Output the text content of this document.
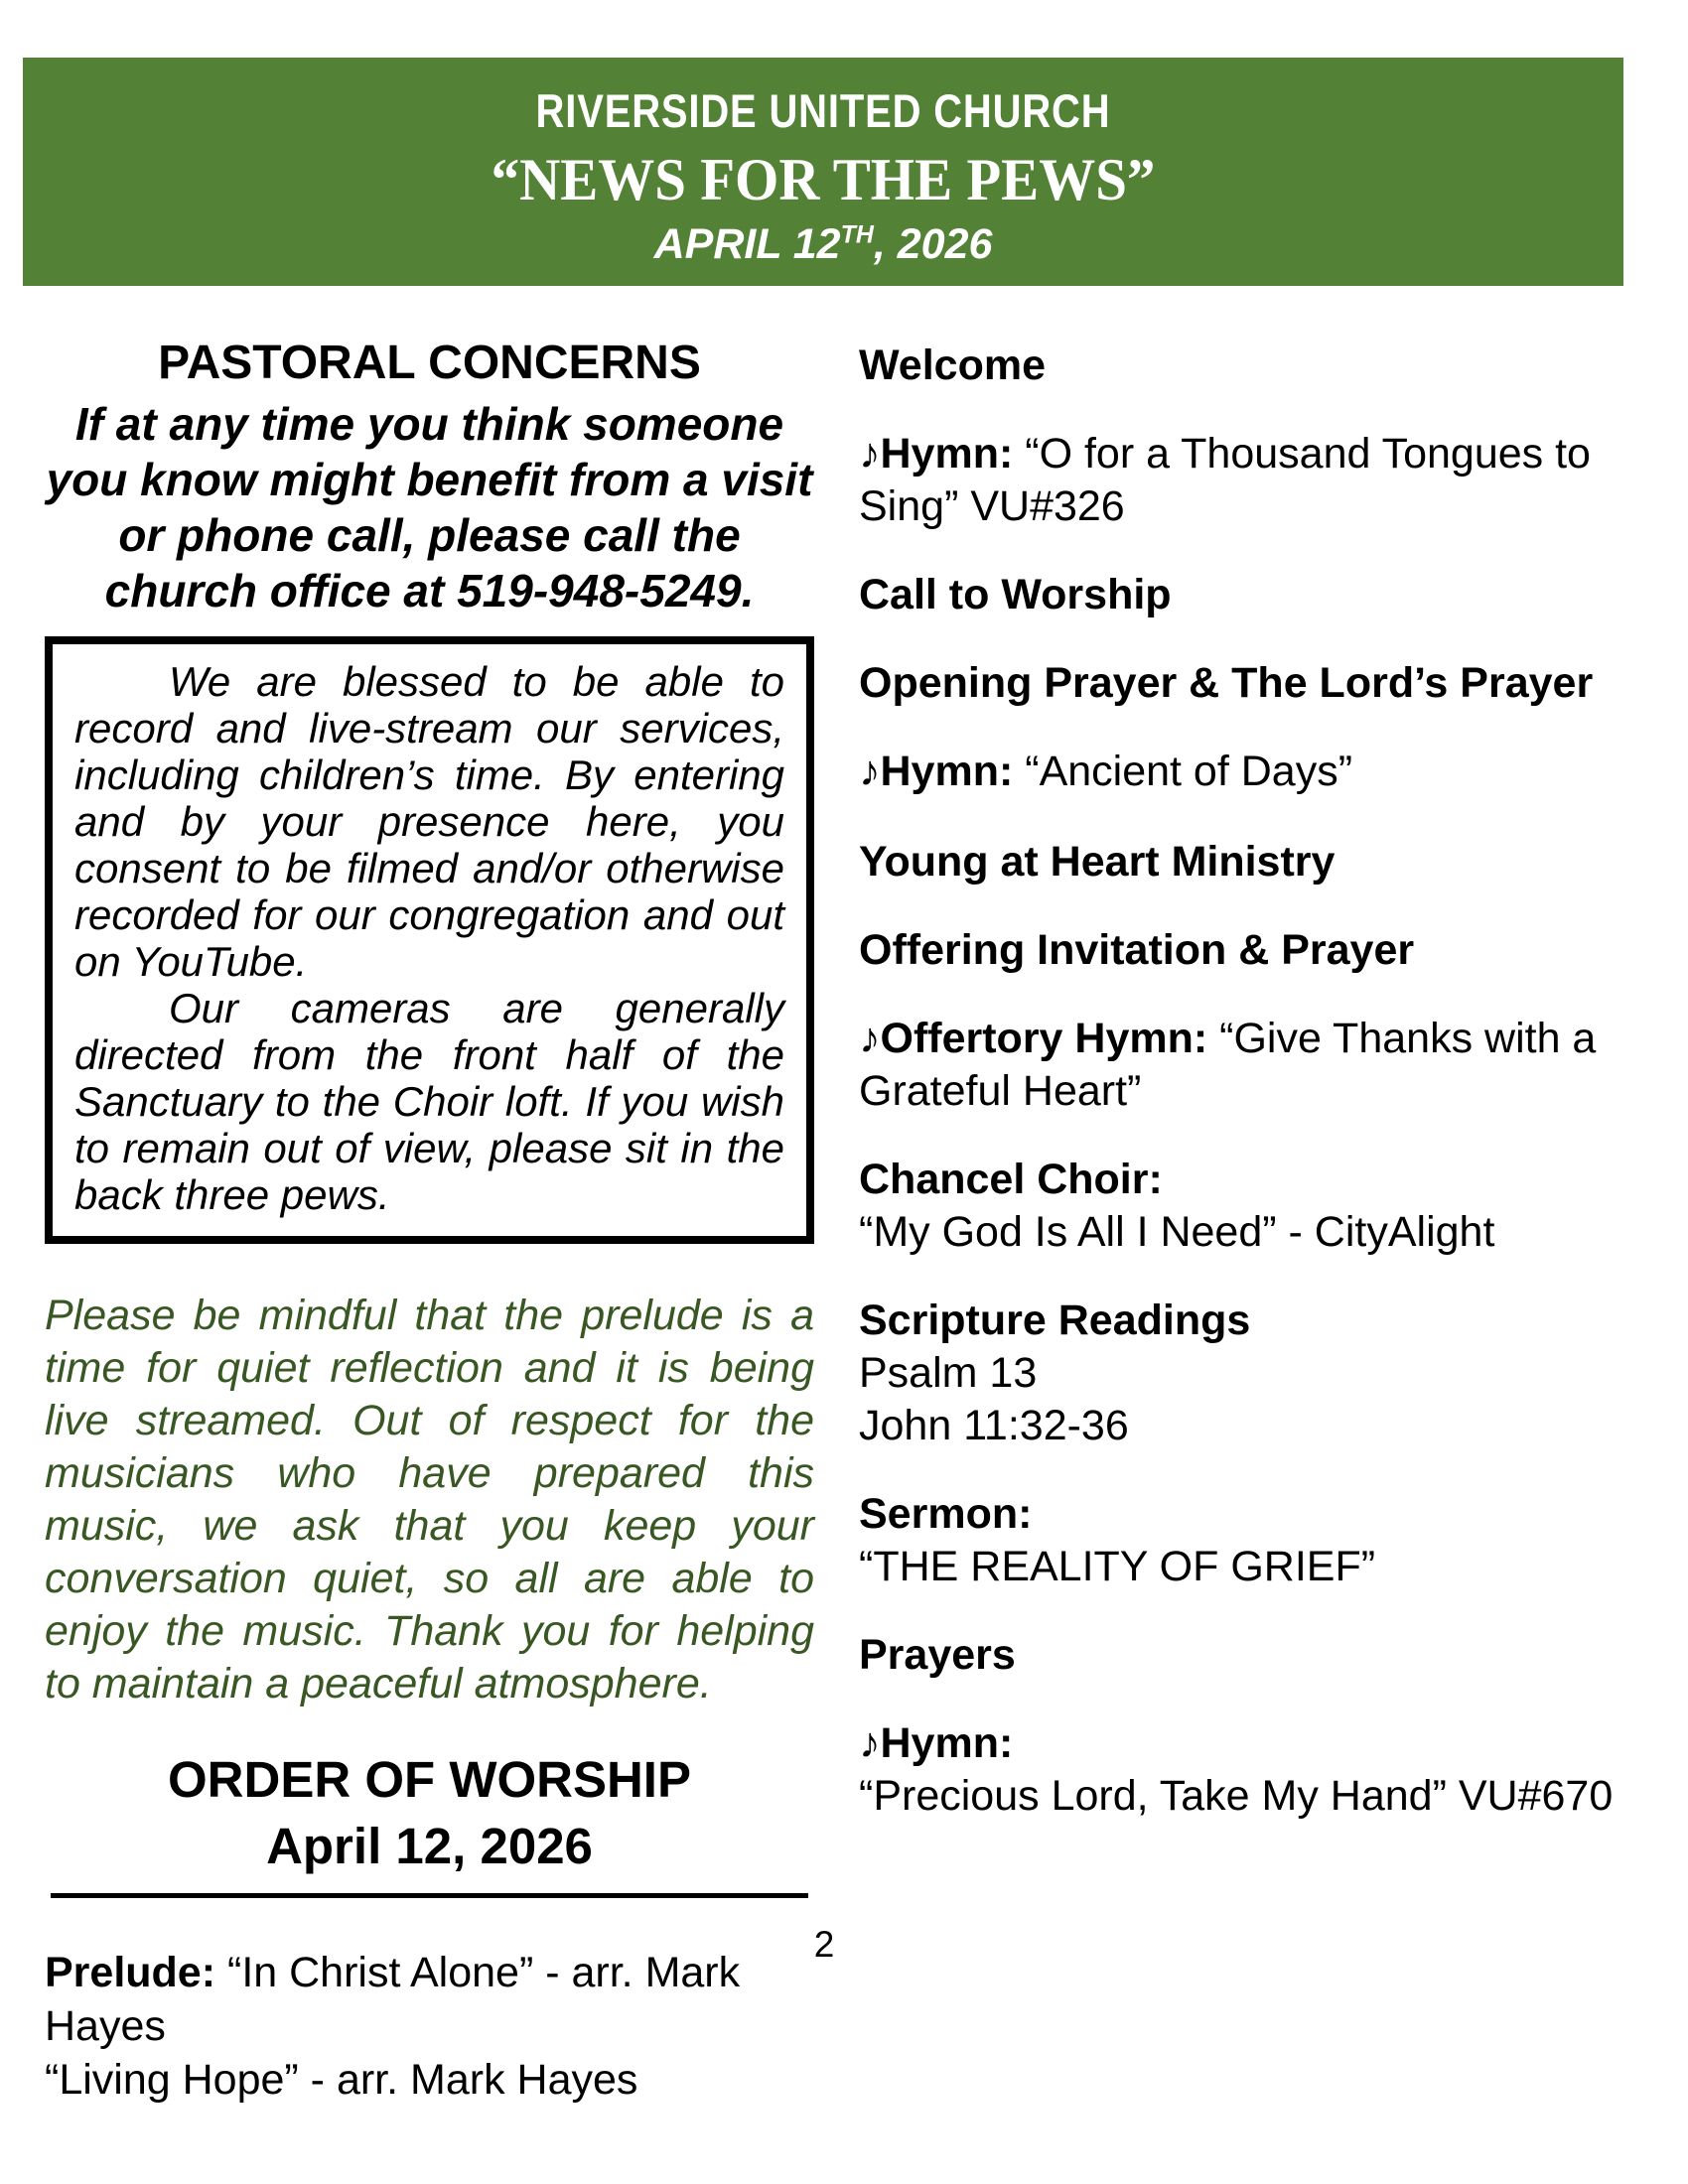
RIVERSIDE UNITED CHURCH
“NEWS FOR THE PEWS”
APRIL 12TH, 2026
PASTORAL CONCERNS

If at any time you think someone you know might benefit from a visit or phone call, please call the church office at 519-948-5249.

We are blessed to be able to record and live-stream our services, including children’s time. By entering and by your presence here, you consent to be filmed and/or otherwise recorded for our congregation and out on YouTube.

Our cameras are generally directed from the front half of the Sanctuary to the Choir loft. If you wish to remain out of view, please sit in the back three pews.

Please be mindful that the prelude is a time for quiet reflection and it is being live streamed. Out of respect for the musicians who have prepared this music, we ask that you keep your conversation quiet, so all are able to enjoy the music. Thank you for helping to maintain a peaceful atmosphere.

ORDER OF WORSHIP
April 12, 2026

Prelude: “In Christ Alone” - arr. Mark Hayes

“Living Hope” - arr. Mark Hayes

Welcome
♪Hymn: “O for a Thousand Tongues to Sing” VU#326
Call to Worship
Opening Prayer & The Lord’s Prayer
♪Hymn: “Ancient of Days”
Young at Heart Ministry
Offering Invitation & Prayer
♪Offertory Hymn: “Give Thanks with a Grateful Heart”
Chancel Choir:
“My God Is All I Need” - CityAlight
Scripture Readings
Psalm 13
John 11:32-36
Sermon:
“THE REALITY OF GRIEF”
Prayers
♪Hymn:
“Precious Lord, Take My Hand” VU#670
2
